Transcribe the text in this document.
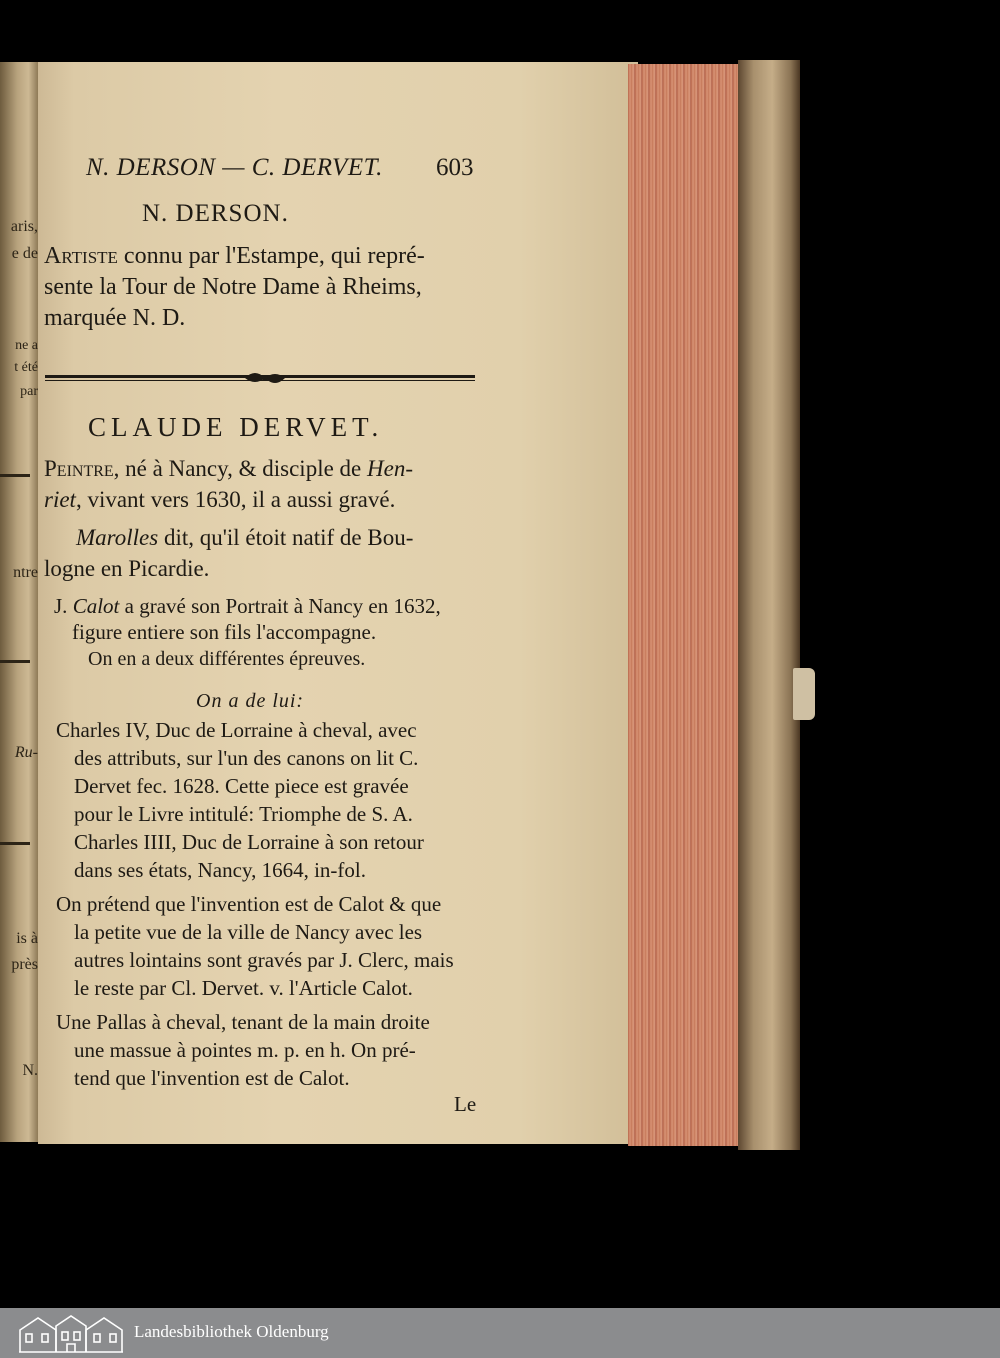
aris,
e de
ne a
t été
par
ntre
Ru-
is à
près
N.
N. DERSON — C. DERVET. 603
N. DERSON.
Artiste connu par l'Estampe, qui repré-
sente la Tour de Notre Dame à Rheims,
marquée N. D.
CLAUDE DERVET.
Peintre, né à Nancy, & disciple de Hen-
riet, vivant vers 1630, il a aussi gravé.
Marolles dit, qu'il étoit natif de Bou-
logne en Picardie.
J. Calot a gravé son Portrait à Nancy en 1632,
figure entiere son fils l'accompagne.
On en a deux différentes épreuves.
On a de lui:
Charles IV, Duc de Lorraine à cheval, avec
des attributs, sur l'un des canons on lit C.
Dervet fec. 1628. Cette piece est gravée
pour le Livre intitulé: Triomphe de S. A.
Charles IIII, Duc de Lorraine à son retour
dans ses états, Nancy, 1664, in-fol.
On prétend que l'invention est de Calot & que
la petite vue de la ville de Nancy avec les
autres lointains sont gravés par J. Clerc, mais
le reste par Cl. Dervet. v. l'Article Calot.
Une Pallas à cheval, tenant de la main droite
une massue à pointes m. p. en h. On pré-
tend que l'invention est de Calot.
Le
Landesbibliothek Oldenburg
